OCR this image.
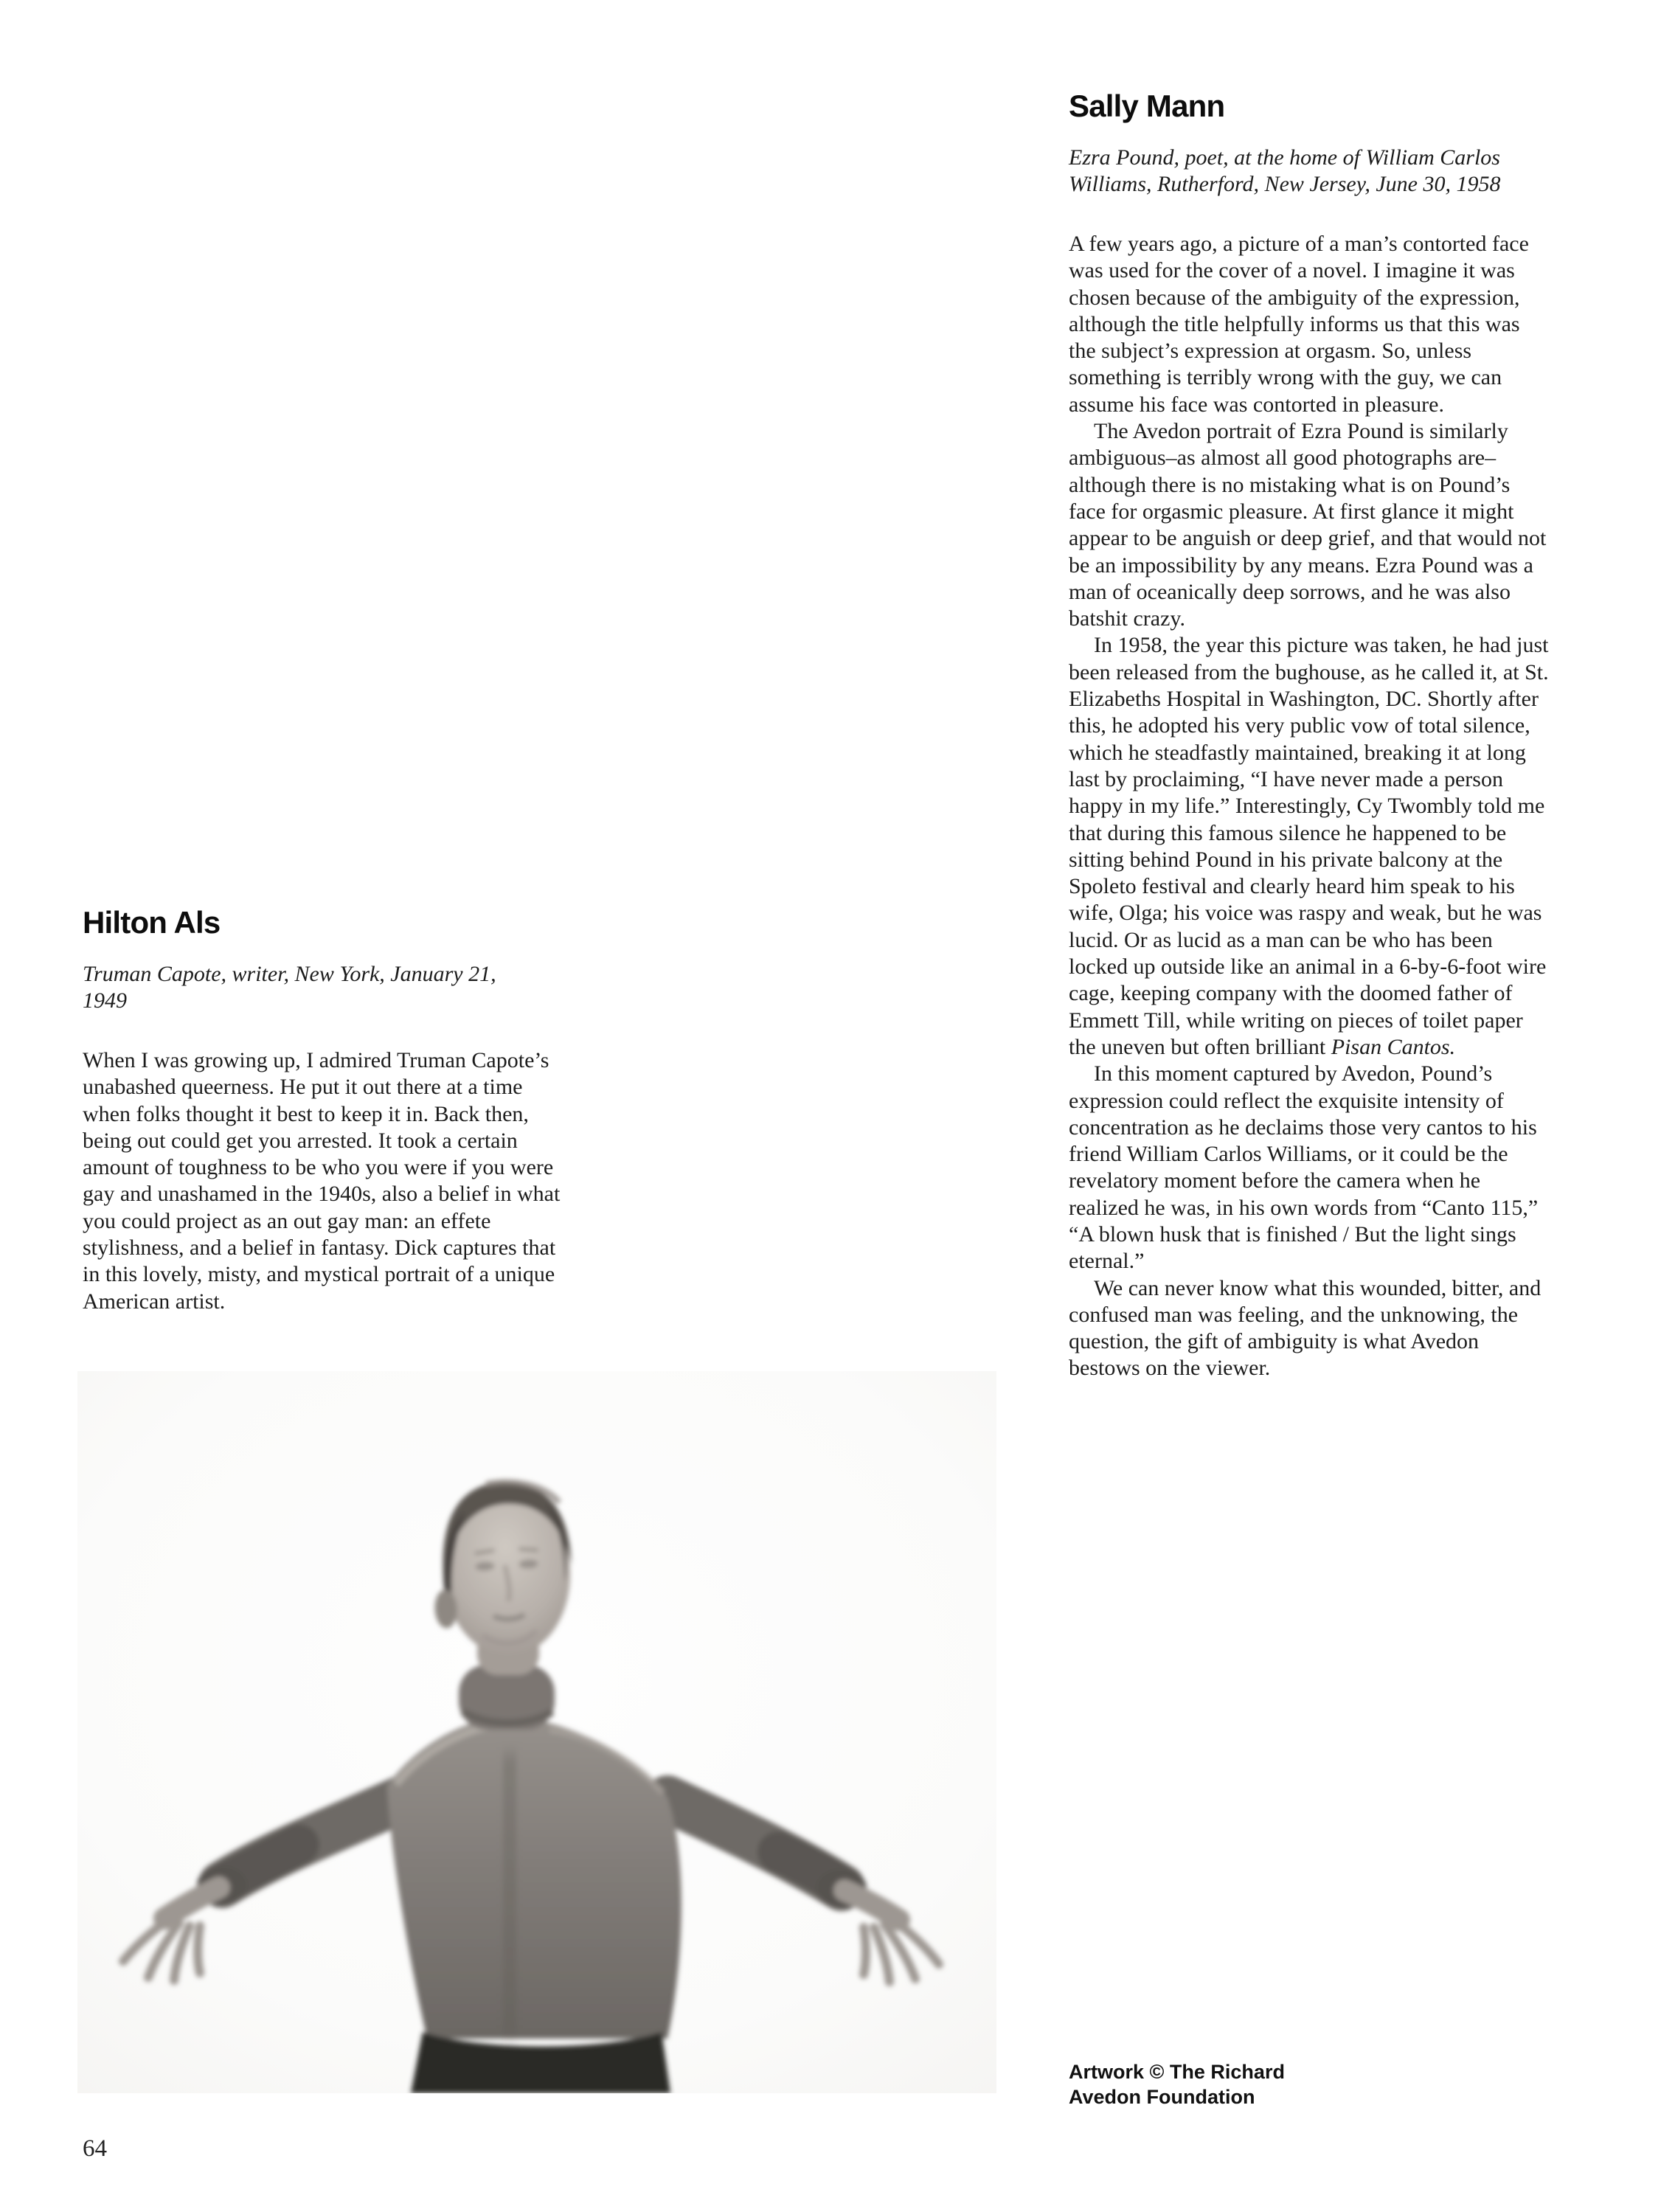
Hilton Als
Truman Capote, writer, New York, January 21,
1949

When I was growing up, I admired Truman Capote’s unabashed queerness. He put it out there at a time when folks thought it best to keep it in. Back then, being out could get you arrested. It took a certain amount of toughness to be who you were if you were gay and unashamed in the 1940s, also a belief in what you could project as an out gay man: an effete stylishness, and a belief in fantasy. Dick captures that in this lovely, misty, and mystical portrait of a unique American artist.

Sally Mann
Ezra Pound, poet, at the home of William Carlos
Williams, Rutherford, New Jersey, June 30, 1958

A few years ago, a picture of a man’s contorted face was used for the cover of a novel. I imagine it was chosen because of the ambiguity of the expression, although the title helpfully informs us that this was the subject’s expression at orgasm. So, unless something is terribly wrong with the guy, we can assume his face was contorted in pleasure.

The Avedon portrait of Ezra Pound is similarly ambiguous–as almost all good photographs are–although there is no mistaking what is on Pound’s face for orgasmic pleasure. At first glance it might appear to be anguish or deep grief, and that would not be an impossibility by any means. Ezra Pound was a man of oceanically deep sorrows, and he was also batshit crazy.

In 1958, the year this picture was taken, he had just been released from the bughouse, as he called it, at St. Elizabeths Hospital in Washington, DC. Shortly after this, he adopted his very public vow of total silence, which he steadfastly maintained, breaking it at long last by proclaiming, “I have never made a person happy in my life.” Interestingly, Cy Twombly told me that during this famous silence he happened to be sitting behind Pound in his private balcony at the Spoleto festival and clearly heard him speak to his wife, Olga; his voice was raspy and weak, but he was lucid. Or as lucid as a man can be who has been locked up outside like an animal in a 6-by-6-foot wire cage, keeping company with the doomed father of Emmett Till, while writing on pieces of toilet paper the uneven but often brilliant Pisan Cantos.

In this moment captured by Avedon, Pound’s expression could reflect the exquisite intensity of concentration as he declaims those very cantos to his friend William Carlos Williams, or it could be the revelatory moment before the camera when he realized he was, in his own words from “Canto 115,” “A blown husk that is finished / But the light sings eternal.”

We can never know what this wounded, bitter, and confused man was feeling, and the unknowing, the question, the gift of ambiguity is what Avedon bestows on the viewer.

Artwork © The Richard
Avedon Foundation
64
